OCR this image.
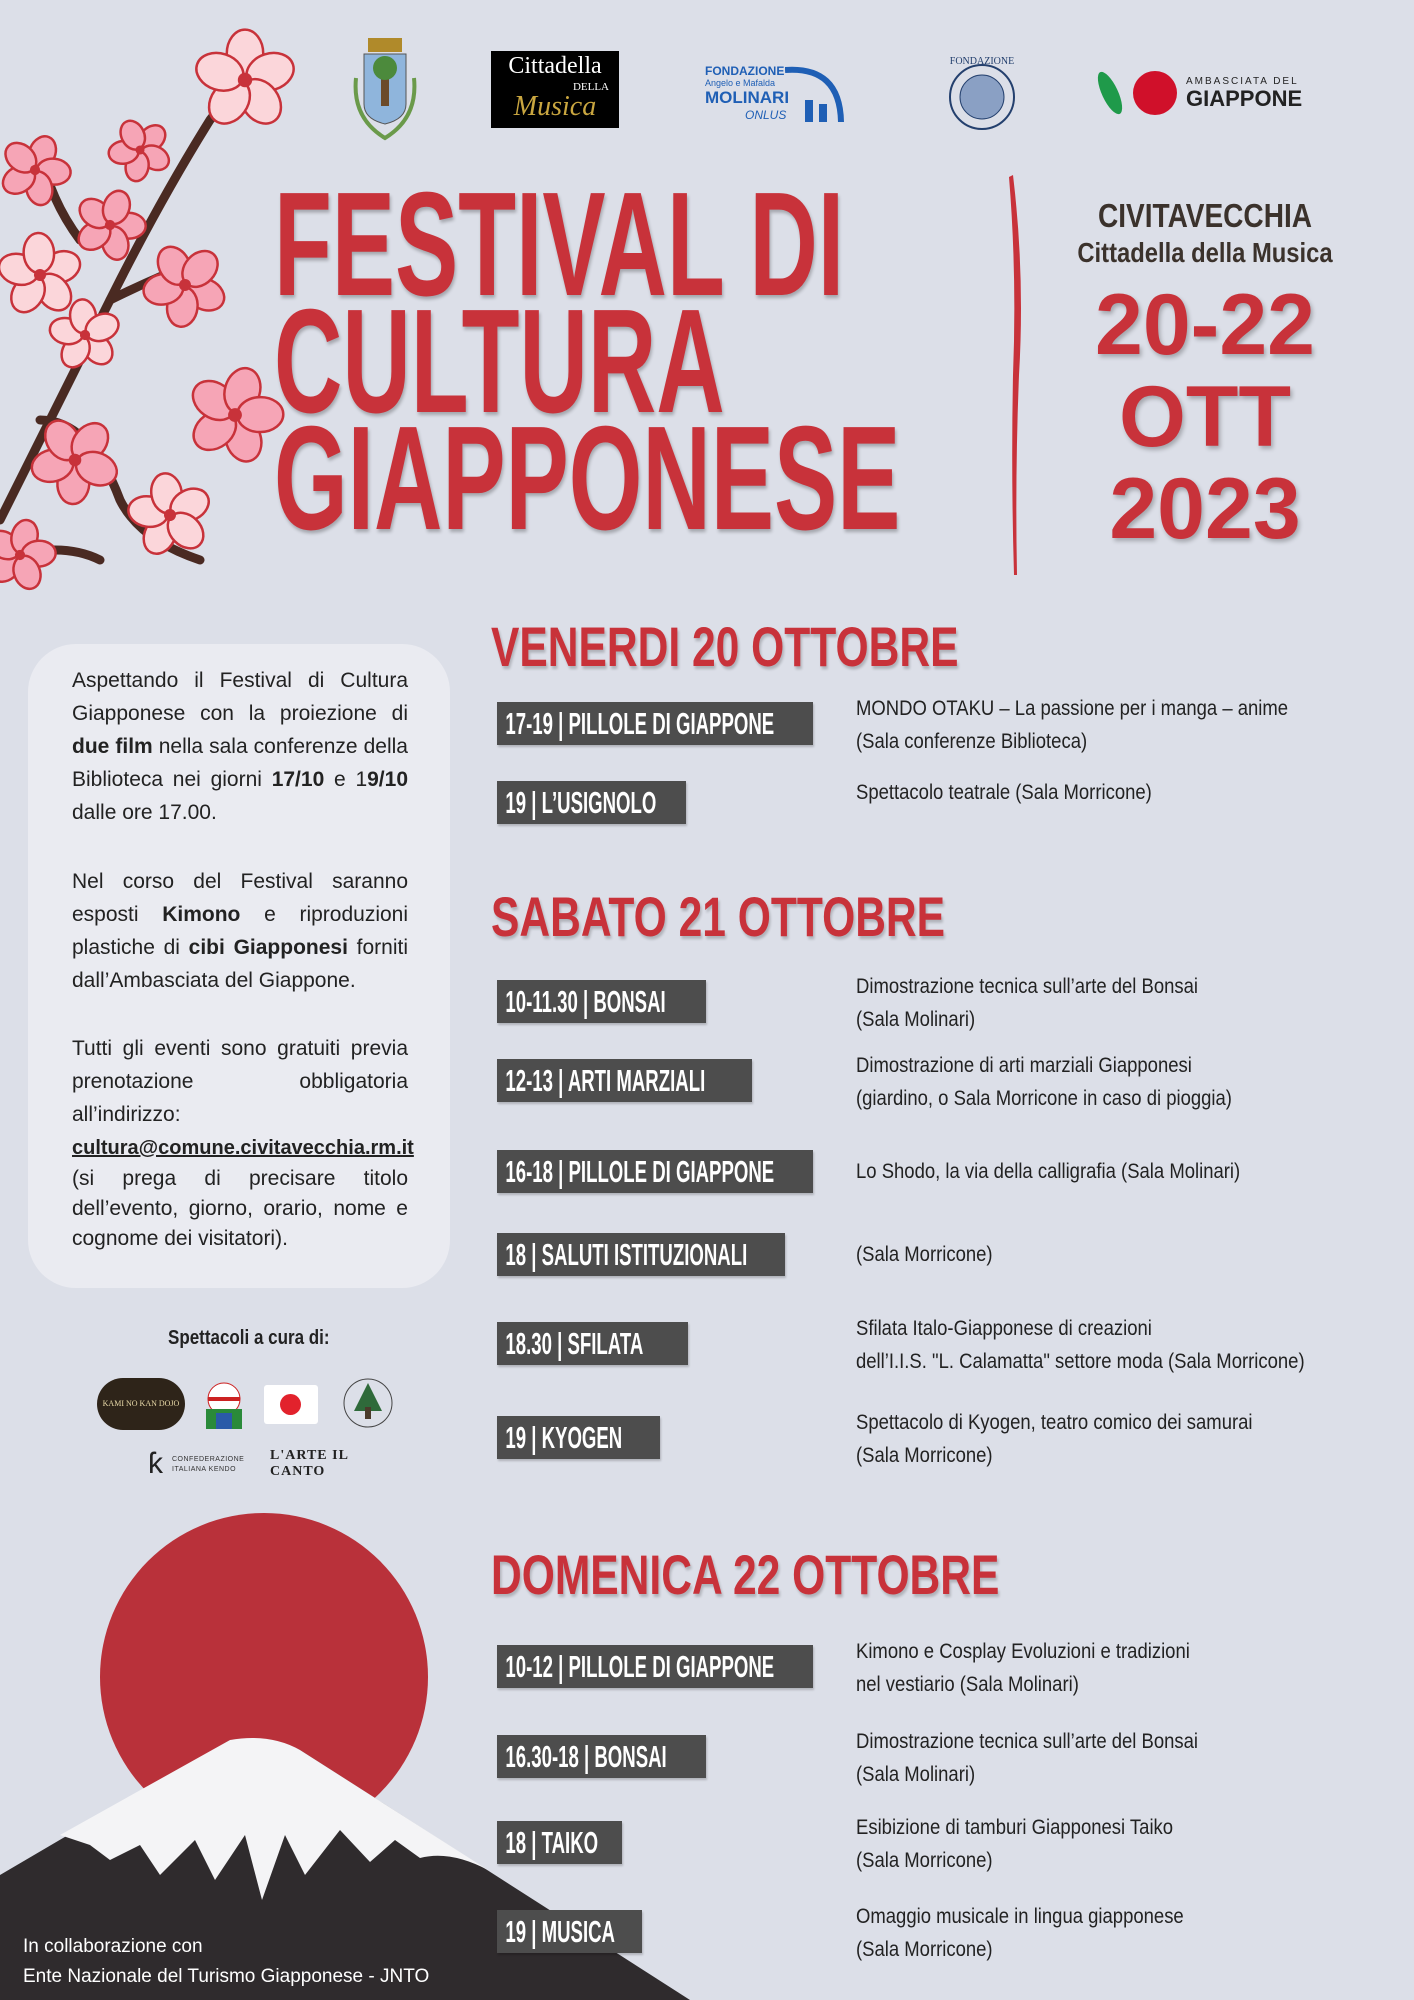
Cittadella
DELLA
Musica
FONDAZIONE
Angelo e Mafalda
MOLINARI
ONLUS
FONDAZIONE
AMBASCIATA DEL
GIAPPONE
FESTIVAL DI
CULTURA
GIAPPONESE
CIVITAVECCHIA
Cittadella della Musica
20-22
OTT
2023
Aspettando il Festival di Cultura Giapponese con la proiezione di due film nella sala conferenze della Biblioteca nei giorni 17/10 e 19/10 dalle ore 17.00.
Nel corso del Festival saranno esposti Kimono e riproduzioni plastiche di cibi Giapponesi forniti dall’Ambasciata del Giappone.
Tutti gli eventi sono gratuiti previa prenotazione obbligatoria all’indirizzo:
cultura@comune.civitavecchia.rm.it

(si prega di precisare titolo dell’evento, giorno, orario, nome e cognome dei visitatori).
Spettacoli a cura di:
KAMI NO KAN DOJO
ƙ CONFEDERAZIONE ITALIANA KENDO
L'ARTE IL CANTO
In collaborazione con
Ente Nazionale del Turismo Giapponese - JNTO
VENERDI 20 OTTOBRE
17-19 | PILLOLE DI GIAPPONE	MONDO OTAKU – La passione per i manga – anime
(Sala conferenze Biblioteca)
19 | L’USIGNOLO	Spettacolo teatrale (Sala Morricone)
SABATO 21 OTTOBRE
10-11.30 | BONSAI	Dimostrazione tecnica sull’arte del Bonsai
(Sala Molinari)
12-13 | ARTI MARZIALI	Dimostrazione di arti marziali Giapponesi
(giardino, o Sala Morricone in caso di pioggia)
16-18 | PILLOLE DI GIAPPONE	Lo Shodo, la via della calligrafia (Sala Molinari)
18 | SALUTI ISTITUZIONALI	(Sala Morricone)
18.30 | SFILATA	Sfilata Italo-Giapponese di creazioni
dell’I.I.S. "L. Calamatta" settore moda (Sala Morricone)
19 | KYOGEN	Spettacolo di Kyogen, teatro comico dei samurai
(Sala Morricone)
DOMENICA 22 OTTOBRE
10-12 | PILLOLE DI GIAPPONE	Kimono e Cosplay Evoluzioni e tradizioni
nel vestiario (Sala Molinari)
16.30-18 | BONSAI	Dimostrazione tecnica sull’arte del Bonsai
(Sala Molinari)
18 | TAIKO	Esibizione di tamburi Giapponesi Taiko
(Sala Morricone)
19 | MUSICA	Omaggio musicale in lingua giapponese
(Sala Morricone)
